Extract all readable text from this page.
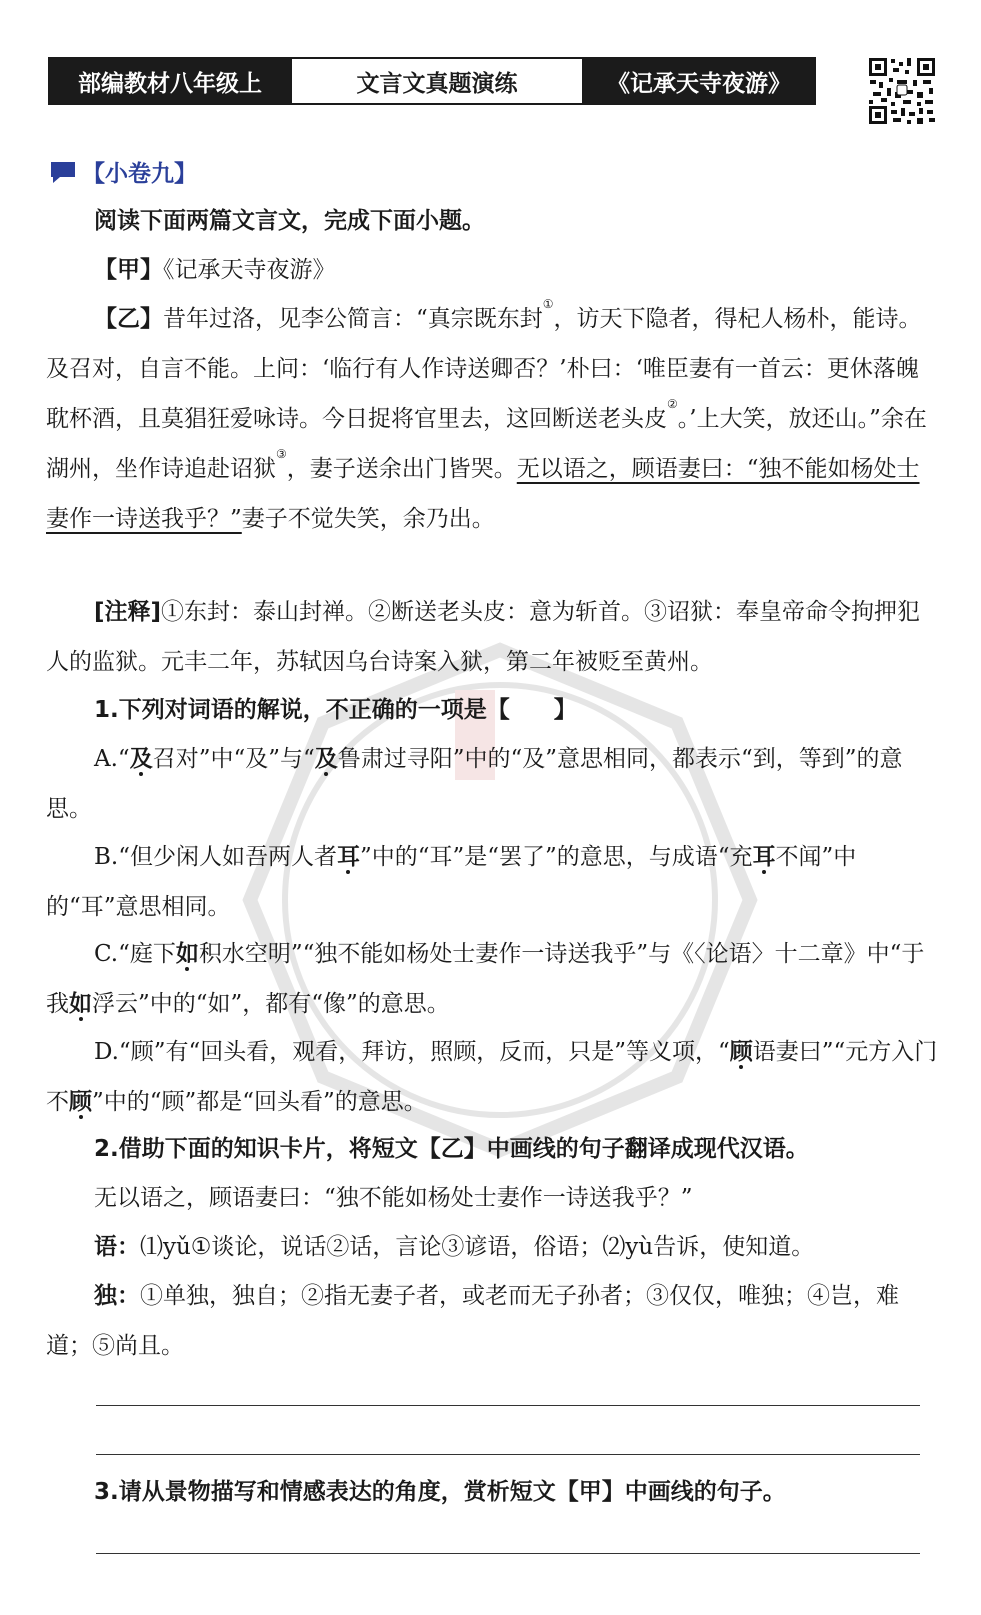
部编教材八年级上	文言文真题演练	《记承天寺夜游》
【小卷九】

阅读下面两篇文言文，完成下面小题。

【甲】《记承天寺夜游》

【乙】昔年过洛，见李公简言：“真宗既东封①，访天下隐者，得杞人杨朴，能诗。及召对，自言不能。上问：‘临行有人作诗送卿否？’朴曰：‘唯臣妻有一首云：更休落魄耽杯酒，且莫猖狂爱咏诗。今日捉将官里去，这回断送老头皮②。’上大笑，放还山。”余在湖州，坐作诗追赴诏狱③，妻子送余出门皆哭。无以语之，顾语妻曰：“独不能如杨处士妻作一诗送我乎？”妻子不觉失笑，余乃出。

[注释]①东封：泰山封禅。②断送老头皮：意为斩首。③诏狱：奉皇帝命令拘押犯人的监狱。元丰二年，苏轼因乌台诗案入狱，第二年被贬至黄州。

1.下列对词语的解说，不正确的一项是【 】

A.“及召对”中“及”与“及鲁肃过寻阳”中的“及”意思相同，都表示“到，等到”的意思。

B.“但少闲人如吾两人者耳”中的“耳”是“罢了”的意思，与成语“充耳不闻”中的“耳”意思相同。

C.“庭下如积水空明”“独不能如杨处士妻作一诗送我乎”与《〈论语〉十二章》中“于我如浮云”中的“如”，都有“像”的意思。

D.“顾”有“回头看，观看，拜访，照顾，反而，只是”等义项，“顾语妻曰”“元方入门不顾”中的“顾”都是“回头看”的意思。

2.借助下面的知识卡片，将短文【乙】中画线的句子翻译成现代汉语。

无以语之，顾语妻曰：“独不能如杨处士妻作一诗送我乎？”

语：⑴yǔ①谈论，说话②话，言论③谚语，俗语；⑵yù告诉，使知道。

独：①单独，独自；②指无妻子者，或老而无子孙者；③仅仅，唯独；④岂，难道；⑤尚且。

3.请从景物描写和情感表达的角度，赏析短文【甲】中画线的句子。
